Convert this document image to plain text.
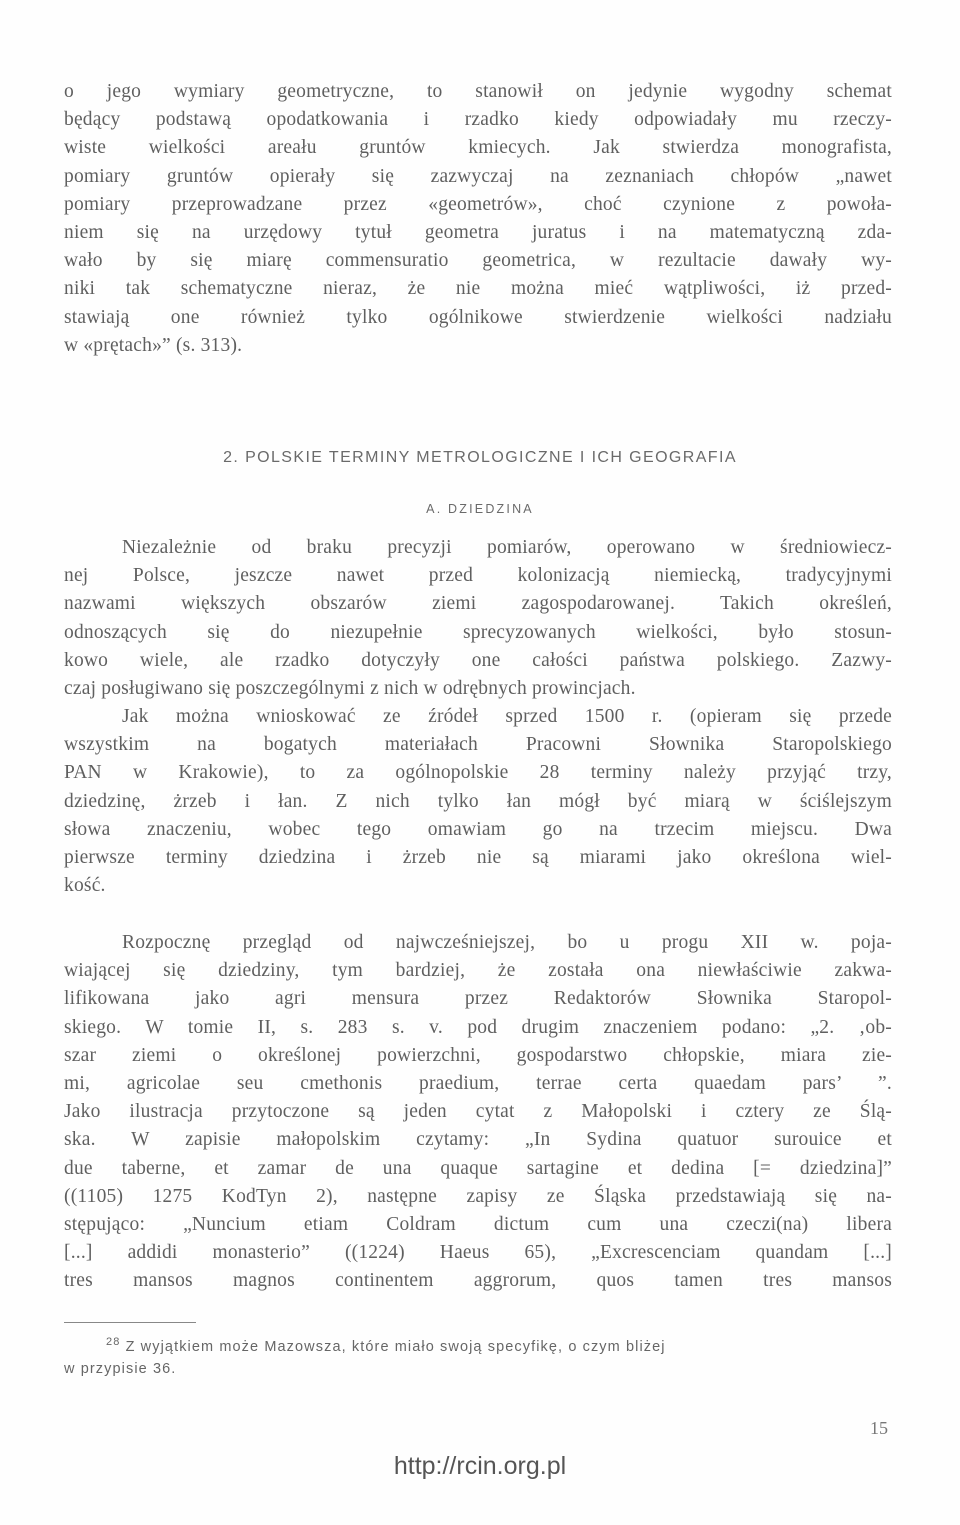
o jego wymiary geometryczne, to stanowił on jedynie wygodny schemat
będący podstawą opodatkowania i rzadko kiedy odpowiadały mu rzeczy-
wiste wielkości areału gruntów kmiecych. Jak stwierdza monografista,
pomiary gruntów opierały się zazwyczaj na zeznaniach chłopów „nawet
pomiary przeprowadzane przez «geometrów», choć czynione z powoła-
niem się na urzędowy tytuł geometra juratus i na matematyczną zda-
wało by się miarę commensuratio geometrica, w rezultacie dawały wy-
niki tak schematyczne nieraz, że nie można mieć wątpliwości, iż przed-
stawiają one również tylko ogólnikowe stwierdzenie wielkości nadziału
w «prętach»” (s. 313).
2. POLSKIE TERMINY METROLOGICZNE I ICH GEOGRAFIA
A. DZIEDZINA
Niezależnie od braku precyzji pomiarów, operowano w średniowiecz-
nej Polsce, jeszcze nawet przed kolonizacją niemiecką, tradycyjnymi
nazwami większych obszarów ziemi zagospodarowanej. Takich określeń,
odnoszących się do niezupełnie sprecyzowanych wielkości, było stosun-
kowo wiele, ale rzadko dotyczyły one całości państwa polskiego. Zazwy-
czaj posługiwano się poszczególnymi z nich w odrębnych prowincjach.
Jak można wnioskować ze źródeł sprzed 1500 r. (opieram się przede
wszystkim na bogatych materiałach Pracowni Słownika Staropolskiego
PAN w Krakowie), to za ogólnopolskie 28 terminy należy przyjąć trzy,
dziedzinę, żrzeb i łan. Z nich tylko łan mógł być miarą w ściślejszym
słowa znaczeniu, wobec tego omawiam go na trzecim miejscu. Dwa
pierwsze terminy dziedzina i żrzeb nie są miarami jako określona wiel-
kość.
Rozpocznę przegląd od najwcześniejszej, bo u progu XII w. poja-
wiającej się dziedziny, tym bardziej, że została ona niewłaściwie zakwa-
lifikowana jako agri mensura przez Redaktorów Słownika Staropol-
skiego. W tomie II, s. 283 s. v. pod drugim znaczeniem podano: „2. ‚ob-
szar ziemi o określonej powierzchni, gospodarstwo chłopskie, miara zie-
mi, agricolae seu cmethonis praedium, terrae certa quaedam pars’ ”.
Jako ilustracja przytoczone są jeden cytat z Małopolski i cztery ze Ślą-
ska. W zapisie małopolskim czytamy: „In Sydina quatuor surouice et
due taberne, et zamar de una quaque sartagine et dedina [= dziedzina]”
((1105) 1275 KodTyn 2), następne zapisy ze Śląska przedstawiają się na-
stępująco: „Nuncium etiam Coldram dictum cum una czeczi(na) libera
[...] addidi monasterio” ((1224) Haeus 65), „Excrescenciam quandam [...]
tres mansos magnos continentem aggrorum, quos tamen tres mansos
$^{28}$ Z wyjątkiem może Mazowsza, które miało swoją specyfikę, o czym bliżej
w przypisie 36.
15
http://rcin.org.pl
